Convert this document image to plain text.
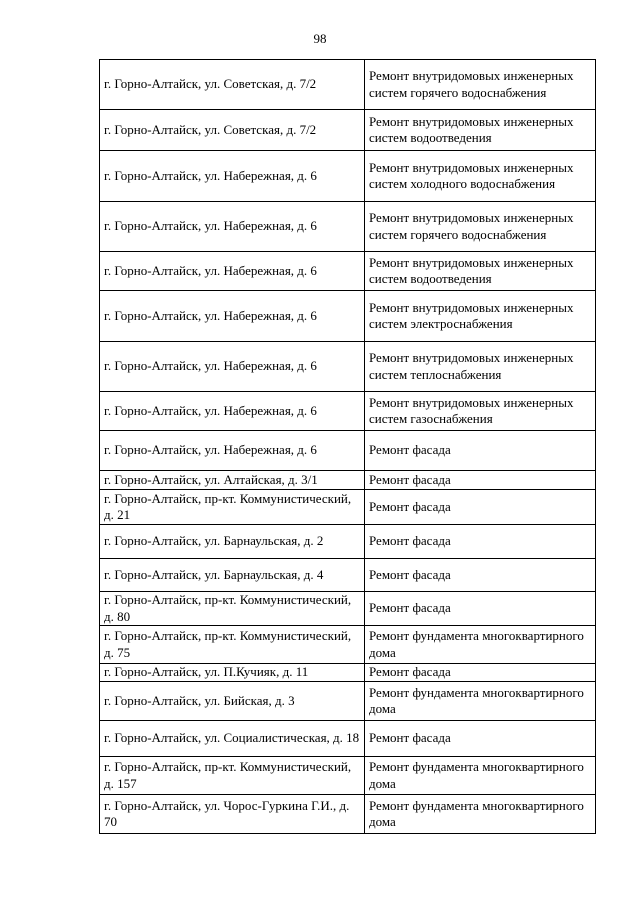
98
г. Горно-Алтайск, ул. Советская, д. 7/2	Ремонт внутридомовых инженерных систем горячего водоснабжения
г. Горно-Алтайск, ул. Советская, д. 7/2	Ремонт внутридомовых инженерных систем водоотведения
г. Горно-Алтайск, ул. Набережная, д. 6	Ремонт внутридомовых инженерных систем холодного водоснабжения
г. Горно-Алтайск, ул. Набережная, д. 6	Ремонт внутридомовых инженерных систем горячего водоснабжения
г. Горно-Алтайск, ул. Набережная, д. 6	Ремонт внутридомовых инженерных систем водоотведения
г. Горно-Алтайск, ул. Набережная, д. 6	Ремонт внутридомовых инженерных систем электроснабжения
г. Горно-Алтайск, ул. Набережная, д. 6	Ремонт внутридомовых инженерных систем теплоснабжения
г. Горно-Алтайск, ул. Набережная, д. 6	Ремонт внутридомовых инженерных систем газоснабжения
г. Горно-Алтайск, ул. Набережная, д. 6	Ремонт фасада
г. Горно-Алтайск, ул. Алтайская, д. 3/1	Ремонт фасада
г. Горно-Алтайск, пр-кт. Коммунистический, д. 21	Ремонт фасада
г. Горно-Алтайск, ул. Барнаульская, д. 2	Ремонт фасада
г. Горно-Алтайск, ул. Барнаульская, д. 4	Ремонт фасада
г. Горно-Алтайск, пр-кт. Коммунистический, д. 80	Ремонт фасада
г. Горно-Алтайск, пр-кт. Коммунистический, д. 75	Ремонт фундамента многоквартирного дома
г. Горно-Алтайск, ул. П.Кучияк, д. 11	Ремонт фасада
г. Горно-Алтайск, ул. Бийская, д. 3	Ремонт фундамента многоквартирного дома
г. Горно-Алтайск, ул. Социалистическая, д. 18	Ремонт фасада
г. Горно-Алтайск, пр-кт. Коммунистический, д. 157	Ремонт фундамента многоквартирного дома
г. Горно-Алтайск, ул. Чорос-Гуркина Г.И., д. 70	Ремонт фундамента многоквартирного дома
